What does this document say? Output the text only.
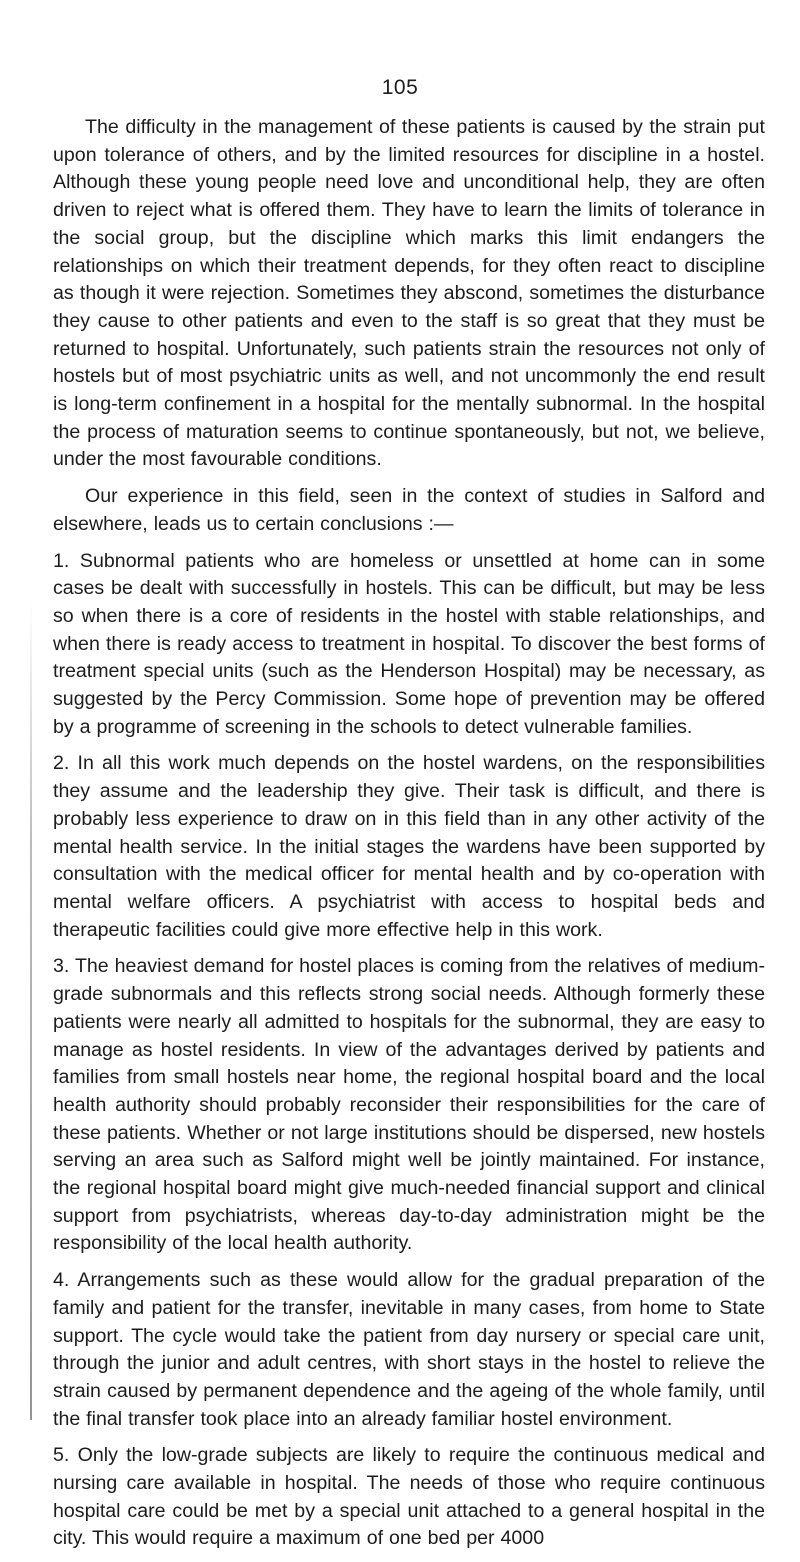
105

The difficulty in the management of these patients is caused by the strain put upon tolerance of others, and by the limited resources for discipline in a hostel. Although these young people need love and unconditional help, they are often driven to reject what is offered them. They have to learn the limits of tolerance in the social group, but the discipline which marks this limit endangers the relationships on which their treatment depends, for they often react to discipline as though it were rejection. Sometimes they abscond, sometimes the disturbance they cause to other patients and even to the staff is so great that they must be returned to hospital. Unfortunately, such patients strain the resources not only of hostels but of most psychiatric units as well, and not uncommonly the end result is long-term confinement in a hospital for the mentally subnormal. In the hospital the process of maturation seems to continue spontaneously, but not, we believe, under the most favourable conditions.

Our experience in this field, seen in the context of studies in Salford and elsewhere, leads us to certain conclusions :—

1. Subnormal patients who are homeless or unsettled at home can in some cases be dealt with successfully in hostels. This can be difficult, but may be less so when there is a core of residents in the hostel with stable relationships, and when there is ready access to treatment in hospital. To discover the best forms of treatment special units (such as the Henderson Hospital) may be necessary, as suggested by the Percy Commission. Some hope of prevention may be offered by a programme of screening in the schools to detect vulnerable families.

2. In all this work much depends on the hostel wardens, on the responsibilities they assume and the leadership they give. Their task is difficult, and there is probably less experience to draw on in this field than in any other activity of the mental health service. In the initial stages the wardens have been supported by consultation with the medical officer for mental health and by co-operation with mental welfare officers. A psychiatrist with access to hospital beds and therapeutic facilities could give more effective help in this work.

3. The heaviest demand for hostel places is coming from the relatives of medium-grade subnormals and this reflects strong social needs. Although formerly these patients were nearly all admitted to hospitals for the subnormal, they are easy to manage as hostel residents. In view of the advantages derived by patients and families from small hostels near home, the regional hospital board and the local health authority should probably reconsider their responsibilities for the care of these patients. Whether or not large institutions should be dispersed, new hostels serving an area such as Salford might well be jointly maintained. For instance, the regional hospital board might give much-needed financial support and clinical support from psychiatrists, whereas day-to-day administration might be the responsibility of the local health authority.

4. Arrangements such as these would allow for the gradual preparation of the family and patient for the transfer, inevitable in many cases, from home to State support. The cycle would take the patient from day nursery or special care unit, through the junior and adult centres, with short stays in the hostel to relieve the strain caused by permanent dependence and the ageing of the whole family, until the final transfer took place into an already familiar hostel environment.

5. Only the low-grade subjects are likely to require the continuous medical and nursing care available in hospital. The needs of those who require continuous hospital care could be met by a special unit attached to a general hospital in the city. This would require a maximum of one bed per 4000
